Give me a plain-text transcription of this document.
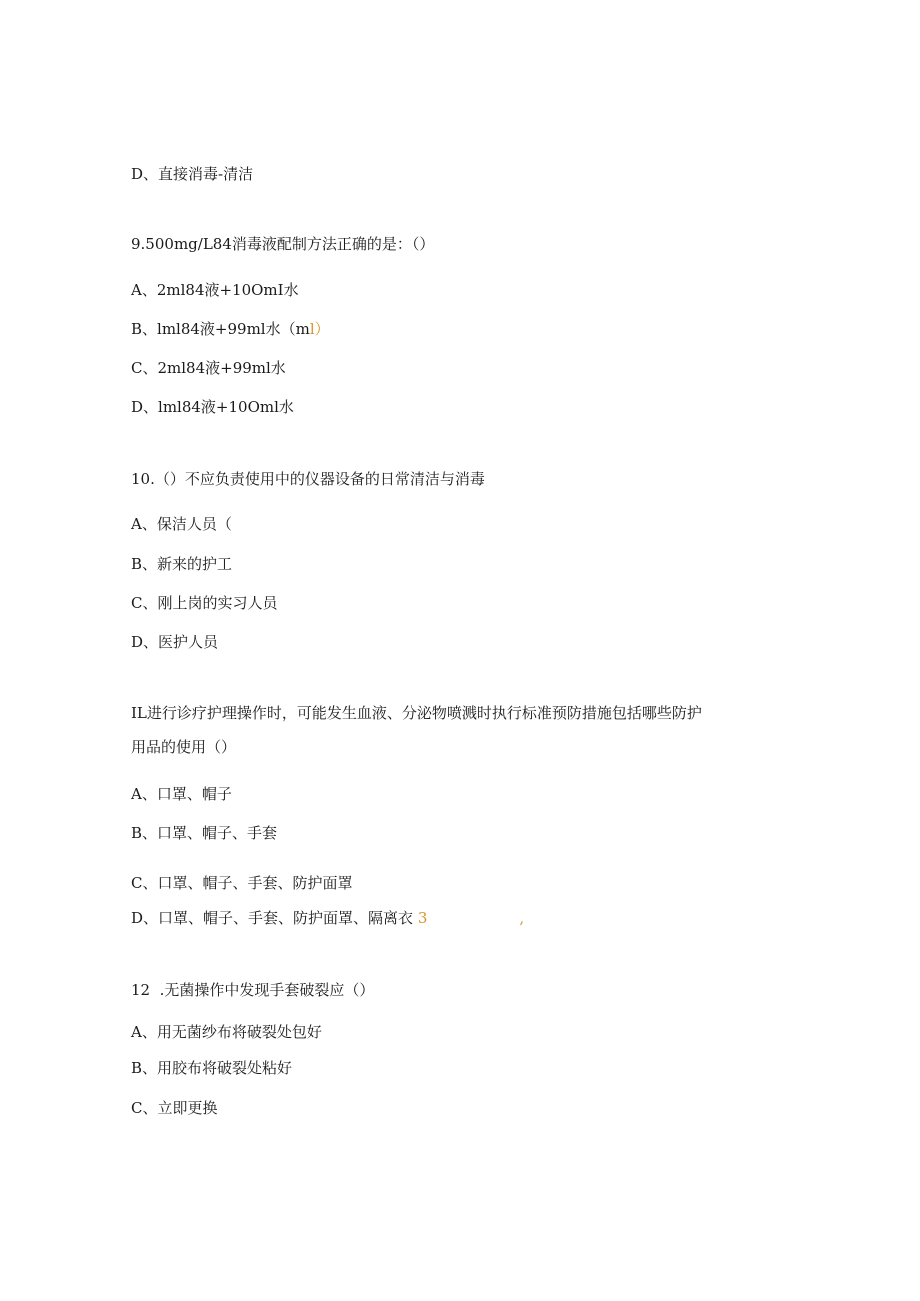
D、直接消毒-清洁
9.500mg/L84消毒液配制方法正确的是：（）
A、2ml84液+10OmI水
B、lml84液+99ml水（ml）
C、2ml84液+99ml水
D、lml84液+10Oml水
10.（）不应负责使用中的仪器设备的日常清洁与消毒
A、保洁人员（
B、新来的护工
C、刚上岗的实习人员
D、医护人员
IL进行诊疗护理操作时，可能发生血液、分泌物喷溅时执行标准预防措施包括哪些防护
用品的使用（）
A、口罩、帽子
B、口罩、帽子、手套
C、口罩、帽子、手套、防护面罩
D、口罩、帽子、手套、防护面罩、隔离衣 3	,
12  .无菌操作中发现手套破裂应（）
A、用无菌纱布将破裂处包好
B、用胶布将破裂处粘好
C、立即更换
